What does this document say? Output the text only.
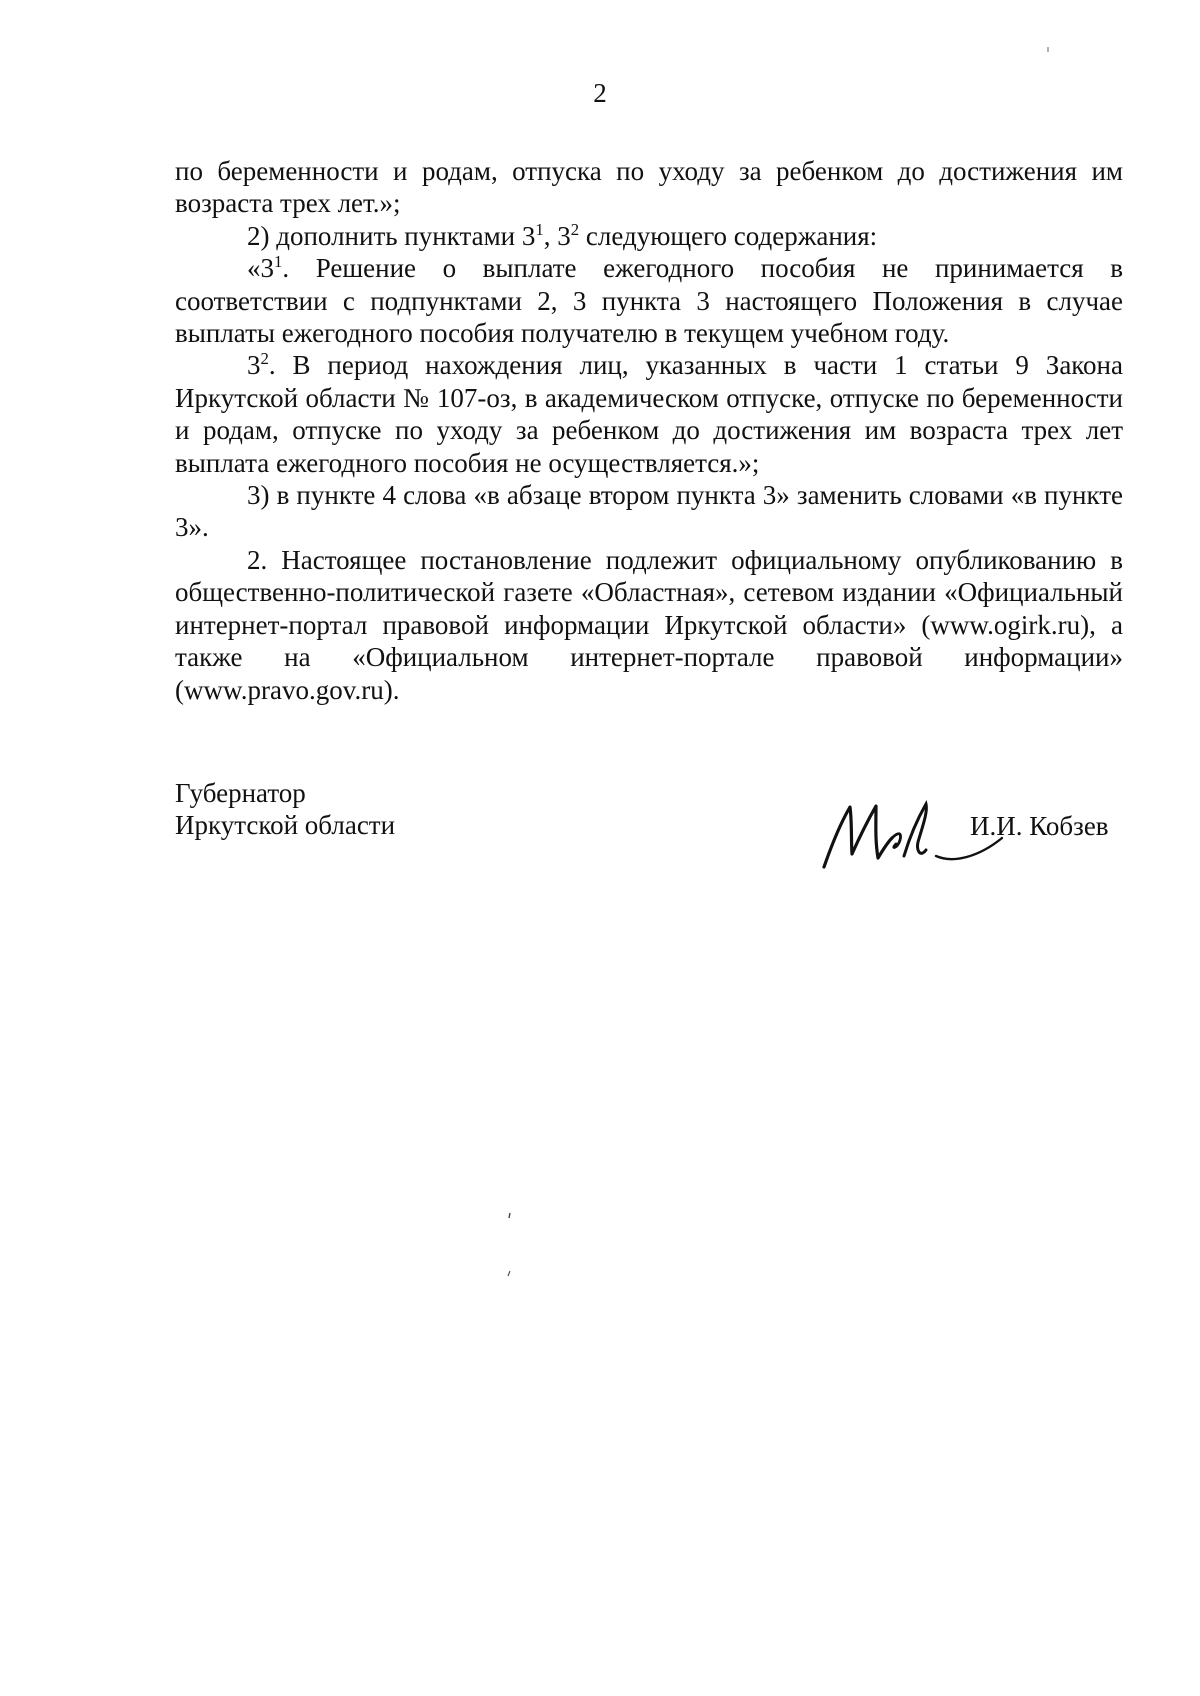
2

по беременности и родам, отпуска по уходу за ребенком до достижения им возраста трех лет.»;

2) дополнить пунктами $3^1$, $3^2$ следующего содержания:

«$3^1$. Решение о выплате ежегодного пособия не принимается в соответствии с подпунктами 2, 3 пункта 3 настоящего Положения в случае выплаты ежегодного пособия получателю в текущем учебном году.

$3^2$. В период нахождения лиц, указанных в части 1 статьи 9 Закона Иркутской области № 107-оз, в академическом отпуске, отпуске по беременности и родам, отпуске по уходу за ребенком до достижения им возраста трех лет выплата ежегодного пособия не осуществляется.»;

3) в пункте 4 слова «в абзаце втором пункта 3» заменить словами «в пункте 3».

2. Настоящее постановление подлежит официальному опубликованию в общественно-политической газете «Областная», сетевом издании «Официальный интернет-портал правовой информации Иркутской области» (www.ogirk.ru), а также на «Официальном интернет-портале правовой информации» (www.pravo.gov.ru).

Губернатор
Иркутской области	И.И. Кобзев
